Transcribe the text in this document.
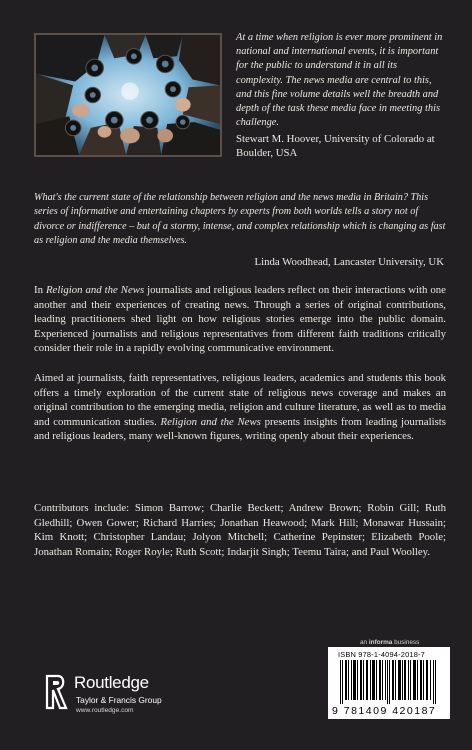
At a time when religion is ever more prominent in national and international events, it is important for the public to understand it in all its complexity. The news media are central to this, and this fine volume details well the breadth and depth of the task these media face in meeting this challenge.
Stewart M. Hoover, University of Colorado at Boulder, USA
What's the current state of the relationship between religion and the news media in Britain? This series of informative and entertaining chapters by experts from both worlds tells a story not of divorce or indifference – but of a stormy, intense, and complex relationship which is changing as fast as religion and the media themselves.
Linda Woodhead, Lancaster University, UK
In Religion and the News journalists and religious leaders reflect on their interactions with one another and their experiences of creating news. Through a series of original contributions, leading practitioners shed light on how religious stories emerge into the public domain. Experienced journalists and religious representatives from different faith traditions critically consider their role in a rapidly evolving communicative environment.
Aimed at journalists, faith representatives, religious leaders, academics and students this book offers a timely exploration of the current state of religious news coverage and makes an original contribution to the emerging media, religion and culture literature, as well as to media and communication studies. Religion and the News presents insights from leading journalists and religious leaders, many well-known figures, writing openly about their experiences.
Contributors include: Simon Barrow; Charlie Beckett; Andrew Brown; Robin Gill; Ruth Gledhill; Owen Gower; Richard Harries; Jonathan Heawood; Mark Hill; Monawar Hussain; Kim Knott; Christopher Landau; Jolyon Mitchell; Catherine Pepinster; Elizabeth Poole; Jonathan Romain; Roger Royle; Ruth Scott; Indarjit Singh; Teemu Taira; and Paul Woolley.
an informa business
ISBN 978-1-4094-2018-7
9 781409 420187
Routledge
Taylor & Francis Group
www.routledge.com
